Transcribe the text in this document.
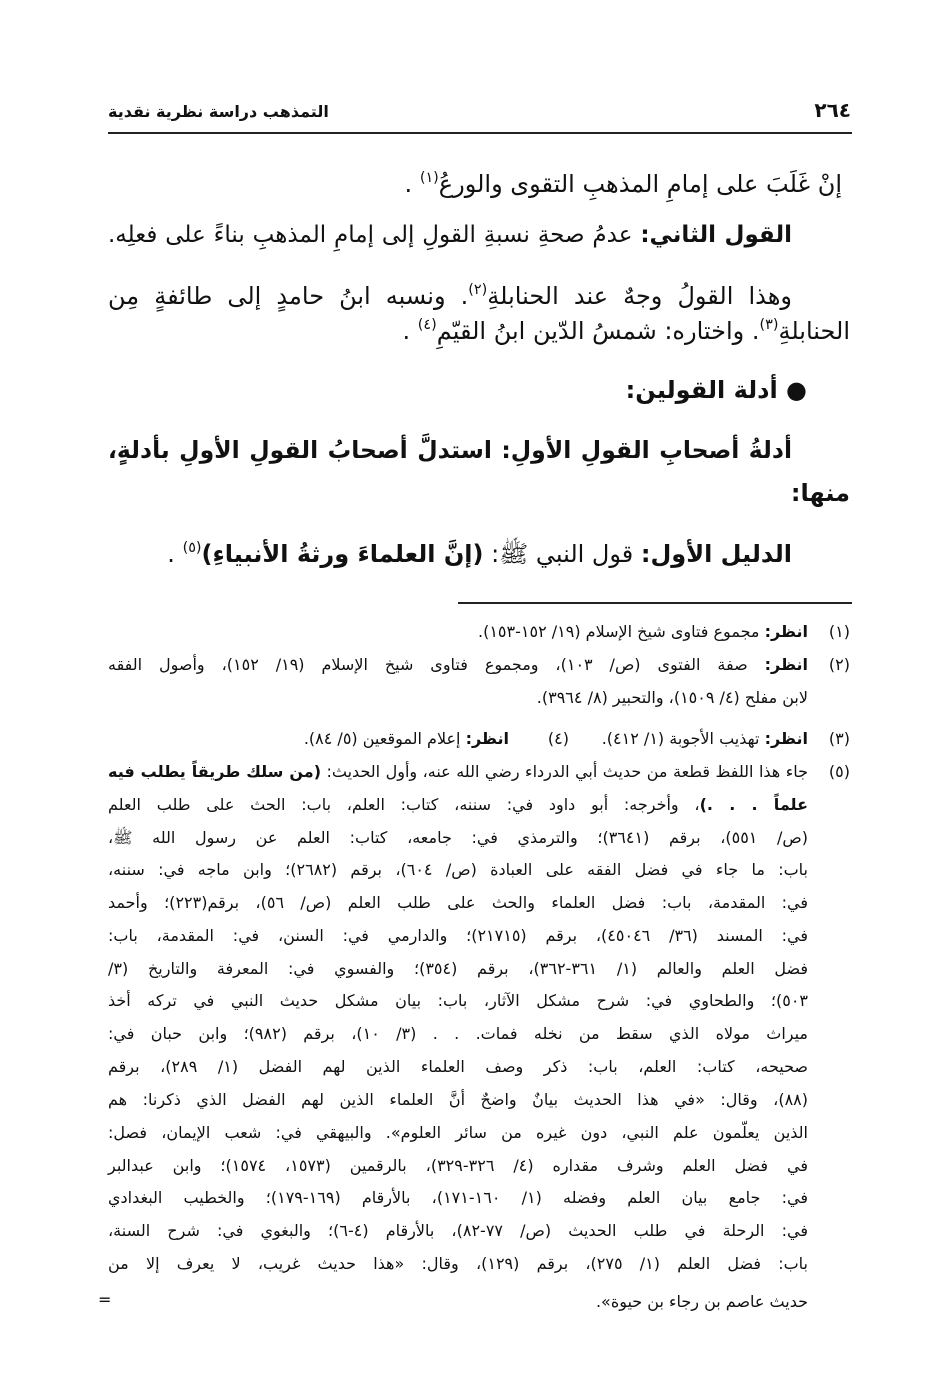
٢٦٤
التمذهب دراسة نظرية نقدية
=
إنْ غَلَبَ على إمامِ المذهبِ التقوى والورعُ$^{(١)}$ .
القول الثاني: عدمُ صحةِ نسبةِ القولِ إلى إمامِ المذهبِ بناءً على فعلِه.
وهذا القولُ وجهٌ عند الحنابلةِ$^{(٢)}$. ونسبه ابنُ حامدٍ إلى طائفةٍ مِن
الحنابلةِ$^{(٣)}$. واختاره: شمسُ الدّين ابنُ القيّمِ$^{(٤)}$ .
● أدلة القولين:
أدلةُ أصحابِ القولِ الأولِ: استدلَّ أصحابُ القولِ الأولِ بأدلةٍ،
منها:
الدليل الأول: قول النبي ﷺ: (إنَّ العلماءَ ورثةُ الأنبياءِ)$^{(٥)}$ .
انظر: مجموع فتاوى شيخ الإسلام (١٩/ ١٥٢-١٥٣).
انظر: صفة الفتوى (ص/ ١٠٣)، ومجموع فتاوى شيخ الإسلام (١٩/ ١٥٢)، وأصول الفقه
لابن مفلح (٤/ ١٥٠٩)، والتحبير (٨/ ٣٩٦٤).
انظر: تهذيب الأجوبة (١/ ٤١٢).
انظر: إعلام الموقعين (٥/ ٨٤).
جاء هذا اللفظ قطعة من حديث أبي الدرداء رضي الله عنه، وأول الحديث: (من سلك طريقاً يطلب فيه
علماً . . .)، وأخرجه: أبو داود في: سننه، كتاب: العلم، باب: الحث على طلب العلم
(ص/ ٥٥١)، برقم (٣٦٤١)؛ والترمذي في: جامعه، كتاب: العلم عن رسول الله ﷺ،
باب: ما جاء في فضل الفقه على العبادة (ص/ ٦٠٤)، برقم (٢٦٨٢)؛ وابن ماجه في: سننه،
في: المقدمة، باب: فضل العلماء والحث على طلب العلم (ص/ ٥٦)، برقم(٢٢٣)؛ وأحمد
في: المسند (٣٦/ ٤٥٠٤٦)، برقم (٢١٧١٥)؛ والدارمي في: السنن، في: المقدمة، باب:
فضل العلم والعالم (١/ ٣٦١-٣٦٢)، برقم (٣٥٤)؛ والفسوي في: المعرفة والتاريخ (٣/
٥٠٣)؛ والطحاوي في: شرح مشكل الآثار، باب: بيان مشكل حديث النبي في تركه أخذ
ميراث مولاه الذي سقط من نخله فمات. . . (٣/ ١٠)، برقم (٩٨٢)؛ وابن حبان في:
صحيحه، كتاب: العلم، باب: ذكر وصف العلماء الذين لهم الفضل (١/ ٢٨٩)، برقم
(٨٨)، وقال: «في هذا الحديث بيانٌ واضحٌ أنَّ العلماء الذين لهم الفضل الذي ذكرنا: هم
الذين يعلّمون علم النبي، دون غيره من سائر العلوم». والبيهقي في: شعب الإيمان، فصل:
في فضل العلم وشرف مقداره (٤/ ٣٢٦-٣٢٩)، بالرقمين (١٥٧٣، ١٥٧٤)؛ وابن عبدالبر
في: جامع بيان العلم وفضله (١/ ١٦٠-١٧١)، بالأرقام (١٦٩-١٧٩)؛ والخطيب البغدادي
في: الرحلة في طلب الحديث (ص/ ٧٧-٨٢)، بالأرقام (٤-٦)؛ والبغوي في: شرح السنة،
باب: فضل العلم (١/ ٢٧٥)، برقم (١٢٩)، وقال: «هذا حديث غريب، لا يعرف إلا من
حديث عاصم بن رجاء بن حيوة».
(١)
(٢)
(٣)
(٤)
(٥)
